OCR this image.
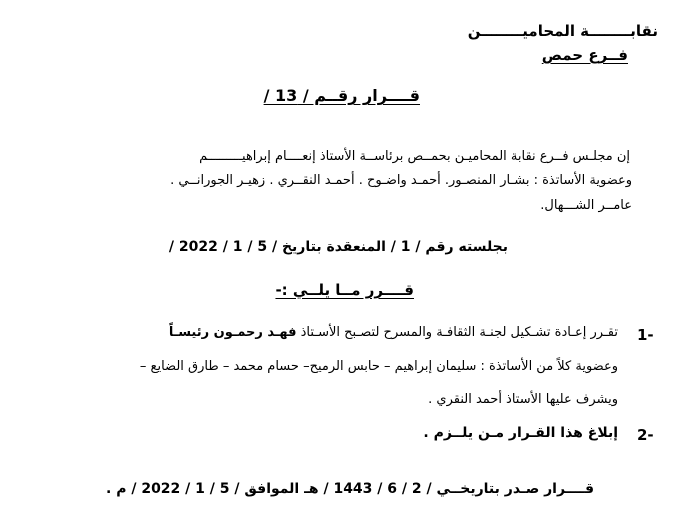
نقابــــــــة المحاميــــــــن
فــرع حمص
قــــرار رقــم / 13 /
إن مجلـس فــرع نقابة المحاميـن بحمــص برئاســة الأستاذ إنعــــام إبراهيـــــــــم
وعضوية الأساتذة : بشـار المنصـور. أحمـد واضـوح . أحمـد النقــري . زهيـر الجورانــي .
عامــر الشـــهال.
بجلسته رقم / 1 / المنعقدة بتاريخ / 5 / 1 / 2022 /
قــــرر مــا يلــي :-
1-
تقـرر إعـادة تشـكيل لجنـة الثقافـة والمسرح لتصـبح الأسـتاذ فهـد رحمـون رئيسـاً
وعضوية كلاً من الأساتذة : سليمان إبراهيم – حابس الرميح– حسام محمد – طارق الضايع –
ويشرف عليها الأستاذ أحمد النقري .
2-
إبلاغ هذا القـرار مـن يلــزم .
قــــرار صـدر بتاريخــي / 2 / 6 / 1443 / هـ الموافق / 5 / 1 / 2022 / م .
